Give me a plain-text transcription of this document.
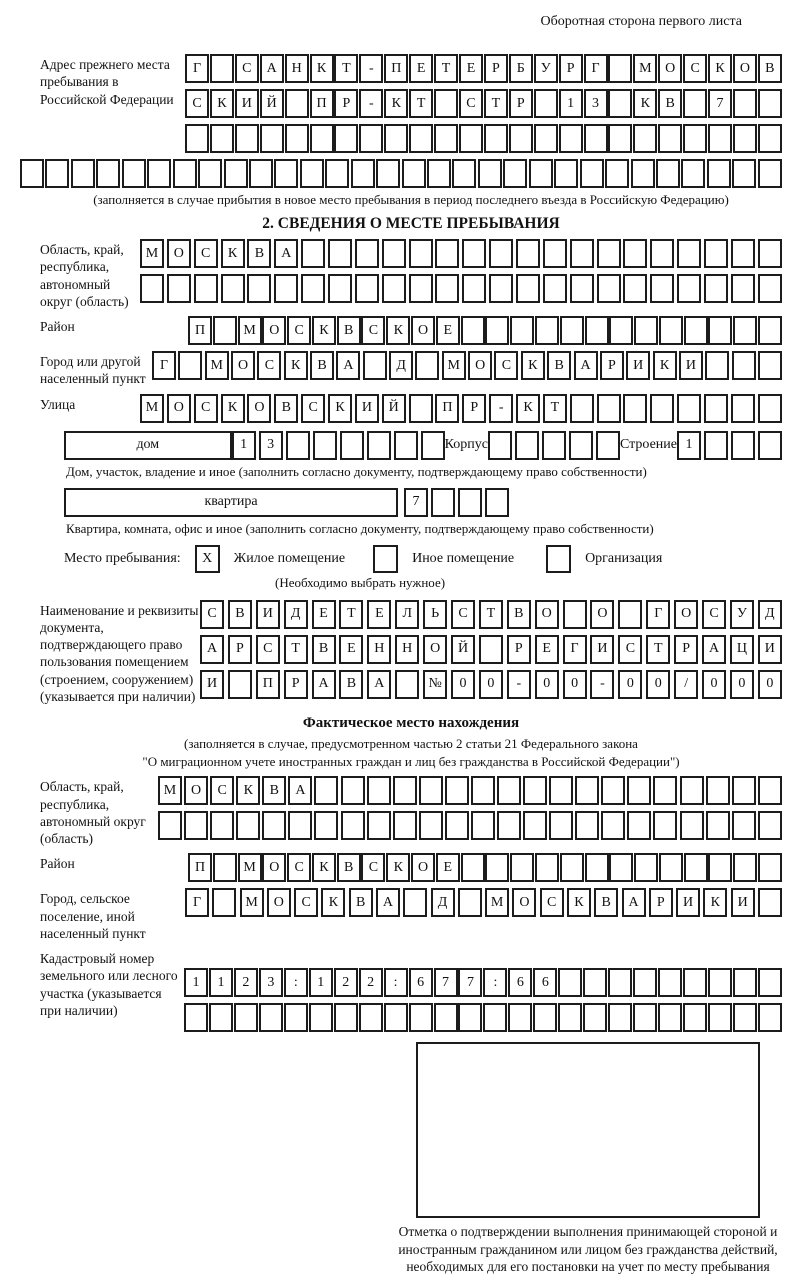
Оборотная сторона первого листа
Адрес прежнего места пребывания в Российской Федерации
Г	С	А	Н	К	Т	-	П	Е	Т	Е	Р	Б	У	Р	Г	М О	С	К	О	В
С	К	И	Й	П	Р	-	К	Т	С	Т	Р	1	3	К	В	7
(заполняется в случае прибытия в новое место пребывания в период последнего въезда в Российскую Федерацию)
2. СВЕДЕНИЯ О МЕСТЕ ПРЕБЫВАНИЯ
Область, край, республика, автономный округ (область)
М	О	С	К	В	А
Район	П	М О	С	К	В	С	К	О	Е
Город или другой населенный пункт
Г	М	О	С	К	В	А	Д	М	О	С	К	В	А	Р	И	К	И
Улица	М	О	С	К	О	В	С	К	И	Й	П	Р	-	К	Т
дом	1	3	Корпус	Строение 1
Дом, участок, владение и иное (заполнить согласно документу, подтверждающему право собственности)
квартира	7
Квартира, комната, офис и иное (заполнить согласно документу, подтверждающему право собственности)
Место пребывания:	X	Жилое помещение	Иное помещение	Организация
(Необходимо выбрать нужное)
Наименование и реквизиты документа, подтверждающего право пользования помещением (строением, сооружением) (указывается при наличии)
С	В	И	Д	Е	Т	Е	Л	Ь	С	Т	В	О	О	Г	О	С	У	Д
А	Р	С	Т	В	Е	Н	Н	О	Й	Р	Е	Г	И	С	Т	Р	А	Ц	И
И	П	Р	А	В	А	№	0	0	-	0	0	-	0	0	/	0	0	0
Фактическое место нахождения
(заполняется в случае, предусмотренном частью 2 статьи 21 Федерального закона
"О миграционном учете иностранных граждан и лиц без гражданства в Российской Федерации")
Область, край, республика, автономный округ (область)
М	О	С	К	В	А
Район	П	М О	С	К	В	С	К	О	Е
Город, сельское поселение, иной населенный пункт
Г	М	О	С	К	В	А	Д	М	О	С	К	В	А	Р	И	К	И
Кадастровый номер земельного или лесного участка (указывается при наличии)
1	1	2	3	:	1	2	2	:	6	7	7	:	6	6
Отметка о подтверждении выполнения принимающей стороной и иностранным гражданином или лицом без гражданства действий, необходимых для его постановки на учет по месту пребывания
